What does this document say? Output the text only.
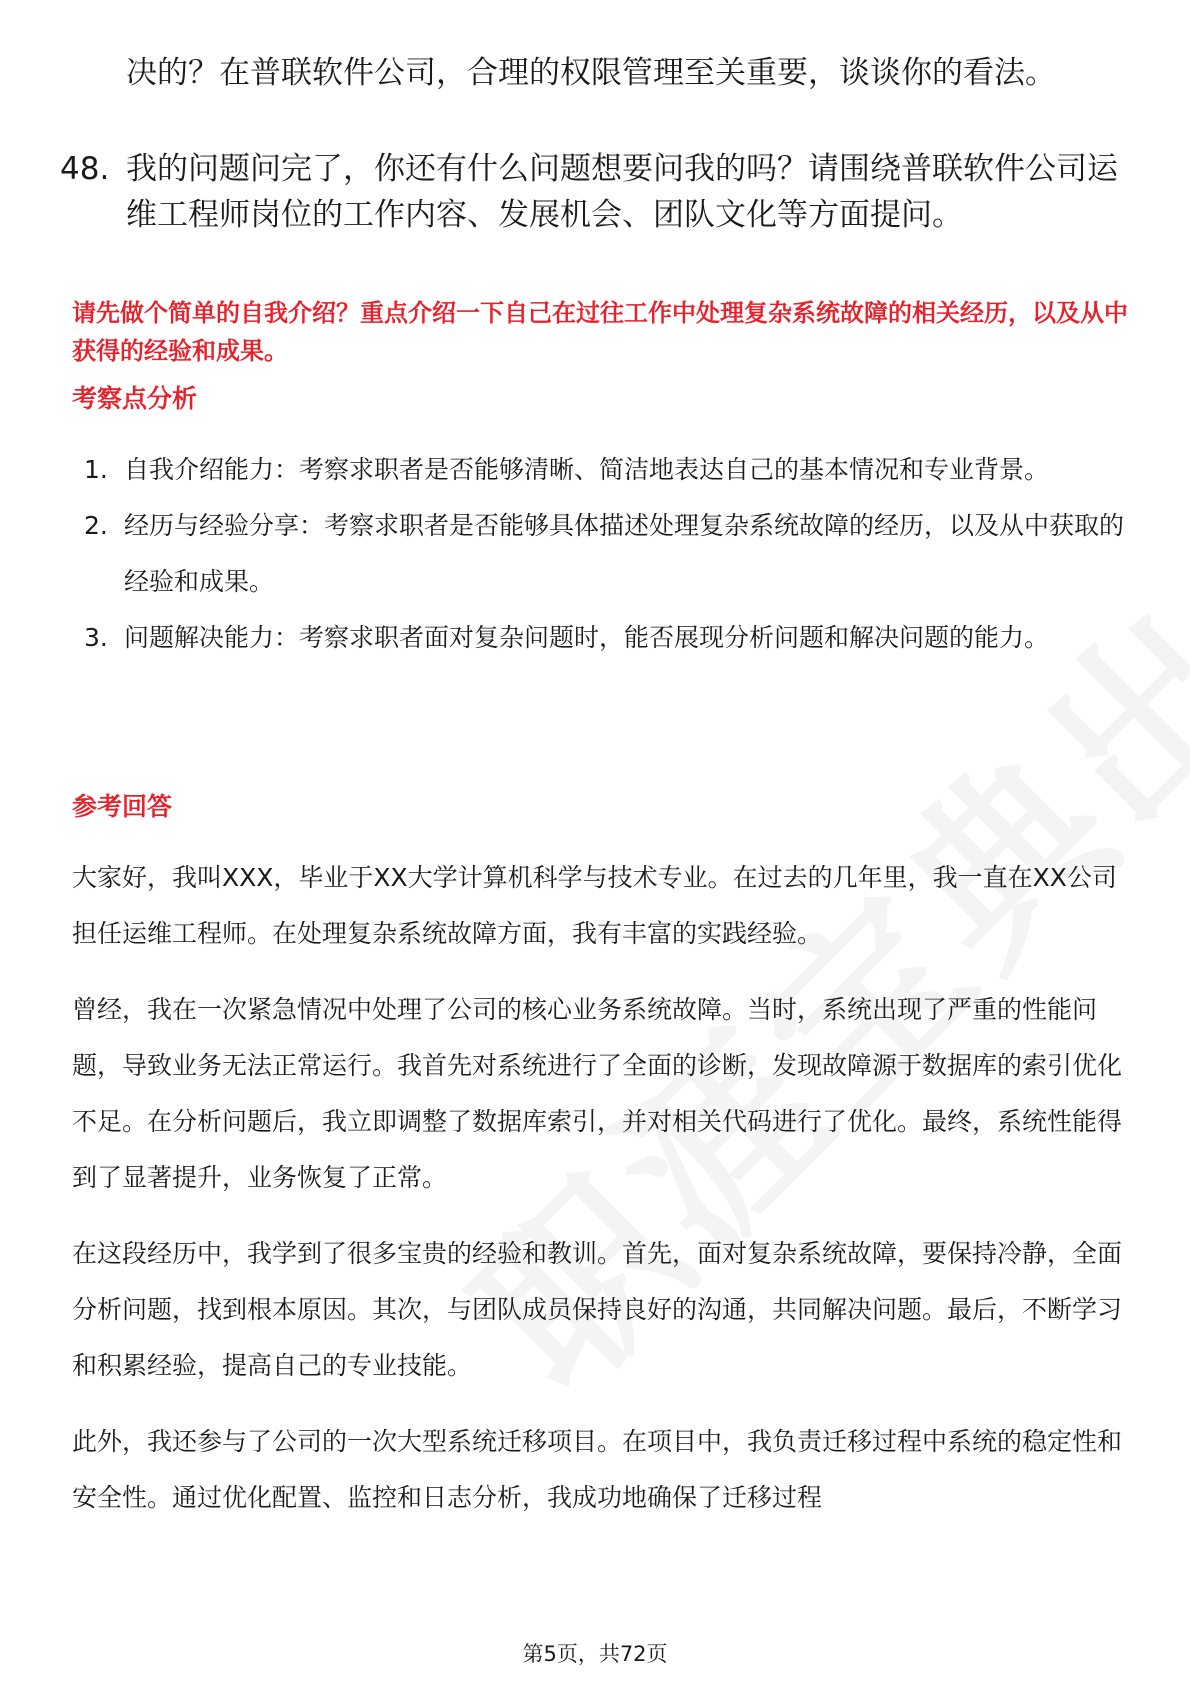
决的？在普联软件公司，合理的权限管理至关重要，谈谈你的看法。
48. 我的问题问完了，你还有什么问题想要问我的吗？请围绕普联软件公司运维工程师岗位的工作内容、发展机会、团队文化等方面提问。
请先做个简单的自我介绍？重点介绍一下自己在过往工作中处理复杂系统故障的相关经历，以及从中获得的经验和成果。
考察点分析
1. 自我介绍能力：考察求职者是否能够清晰、简洁地表达自己的基本情况和专业背景。
2. 经历与经验分享：考察求职者是否能够具体描述处理复杂系统故障的经历，以及从中获取的经验和成果。
3. 问题解决能力：考察求职者面对复杂问题时，能否展现分析问题和解决问题的能力。
参考回答
大家好，我叫XXX，毕业于XX大学计算机科学与技术专业。在过去的几年里，我一直在XX公司担任运维工程师。在处理复杂系统故障方面，我有丰富的实践经验。
曾经，我在一次紧急情况中处理了公司的核心业务系统故障。当时，系统出现了严重的性能问题，导致业务无法正常运行。我首先对系统进行了全面的诊断，发现故障源于数据库的索引优化不足。在分析问题后，我立即调整了数据库索引，并对相关代码进行了优化。最终，系统性能得到了显著提升，业务恢复了正常。
在这段经历中，我学到了很多宝贵的经验和教训。首先，面对复杂系统故障，要保持冷静，全面分析问题，找到根本原因。其次，与团队成员保持良好的沟通，共同解决问题。最后，不断学习和积累经验，提高自己的专业技能。
此外，我还参与了公司的一次大型系统迁移项目。在项目中，我负责迁移过程中系统的稳定性和安全性。通过优化配置、监控和日志分析，我成功地确保了迁移过程
第5页，共72页
